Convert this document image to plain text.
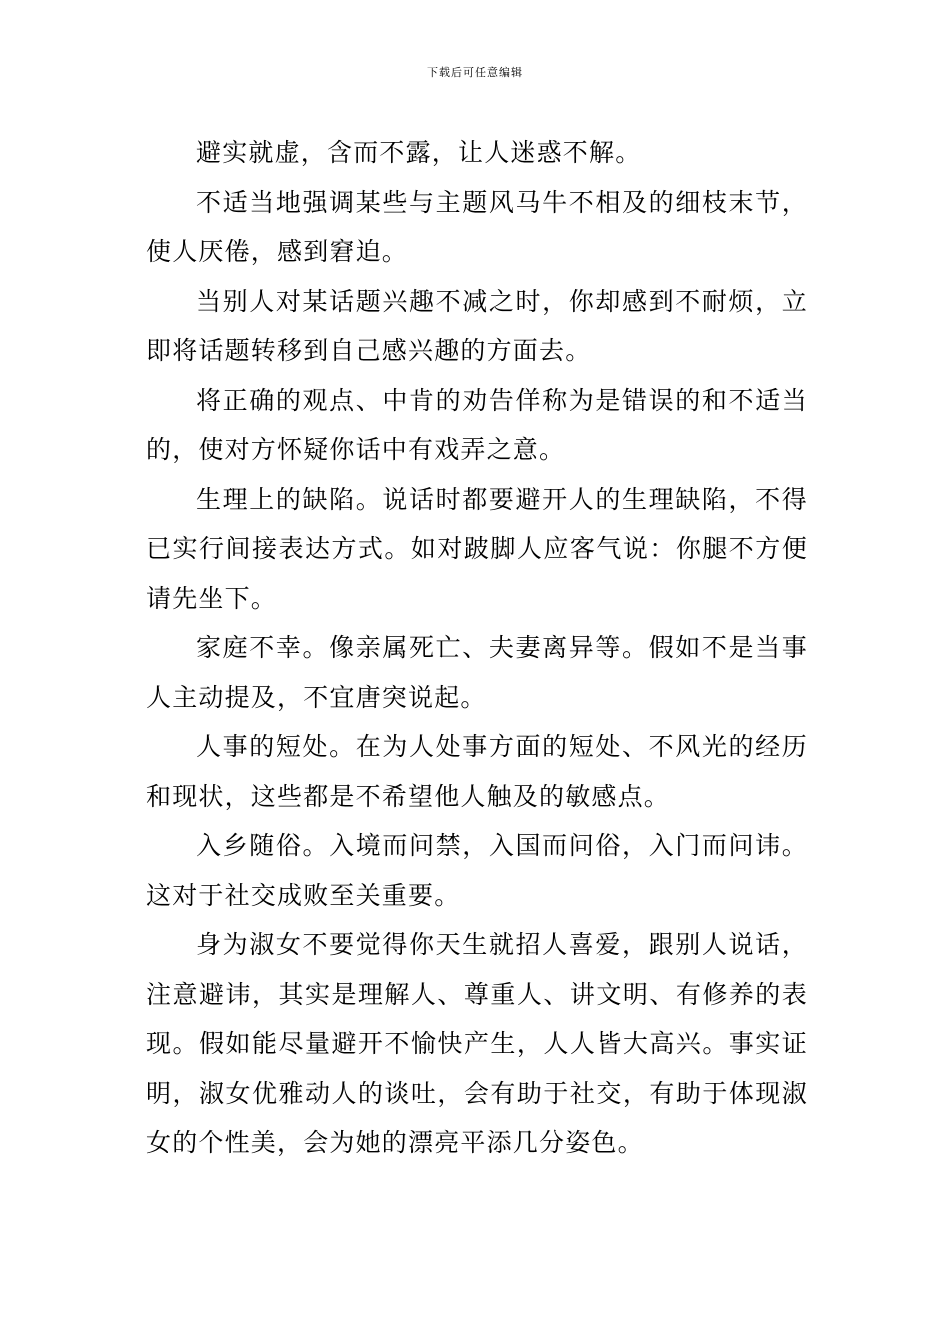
下载后可任意编辑

避实就虚，含而不露，让人迷惑不解。

不适当地强调某些与主题风马牛不相及的细枝末节，使人厌倦，感到窘迫。

当别人对某话题兴趣不减之时，你却感到不耐烦，立即将话题转移到自己感兴趣的方面去。

将正确的观点、中肯的劝告佯称为是错误的和不适当的，使对方怀疑你话中有戏弄之意。

生理上的缺陷。说话时都要避开人的生理缺陷，不得已实行间接表达方式。如对跛脚人应客气说：你腿不方便请先坐下。

家庭不幸。像亲属死亡、夫妻离异等。假如不是当事人主动提及，不宜唐突说起。

人事的短处。在为人处事方面的短处、不风光的经历和现状，这些都是不希望他人触及的敏感点。

入乡随俗。入境而问禁，入国而问俗，入门而问讳。这对于社交成败至关重要。

身为淑女不要觉得你天生就招人喜爱，跟别人说话，注意避讳，其实是理解人、尊重人、讲文明、有修养的表现。假如能尽量避开不愉快产生，人人皆大高兴。事实证明，淑女优雅动人的谈吐，会有助于社交，有助于体现淑女的个性美，会为她的漂亮平添几分姿色。
